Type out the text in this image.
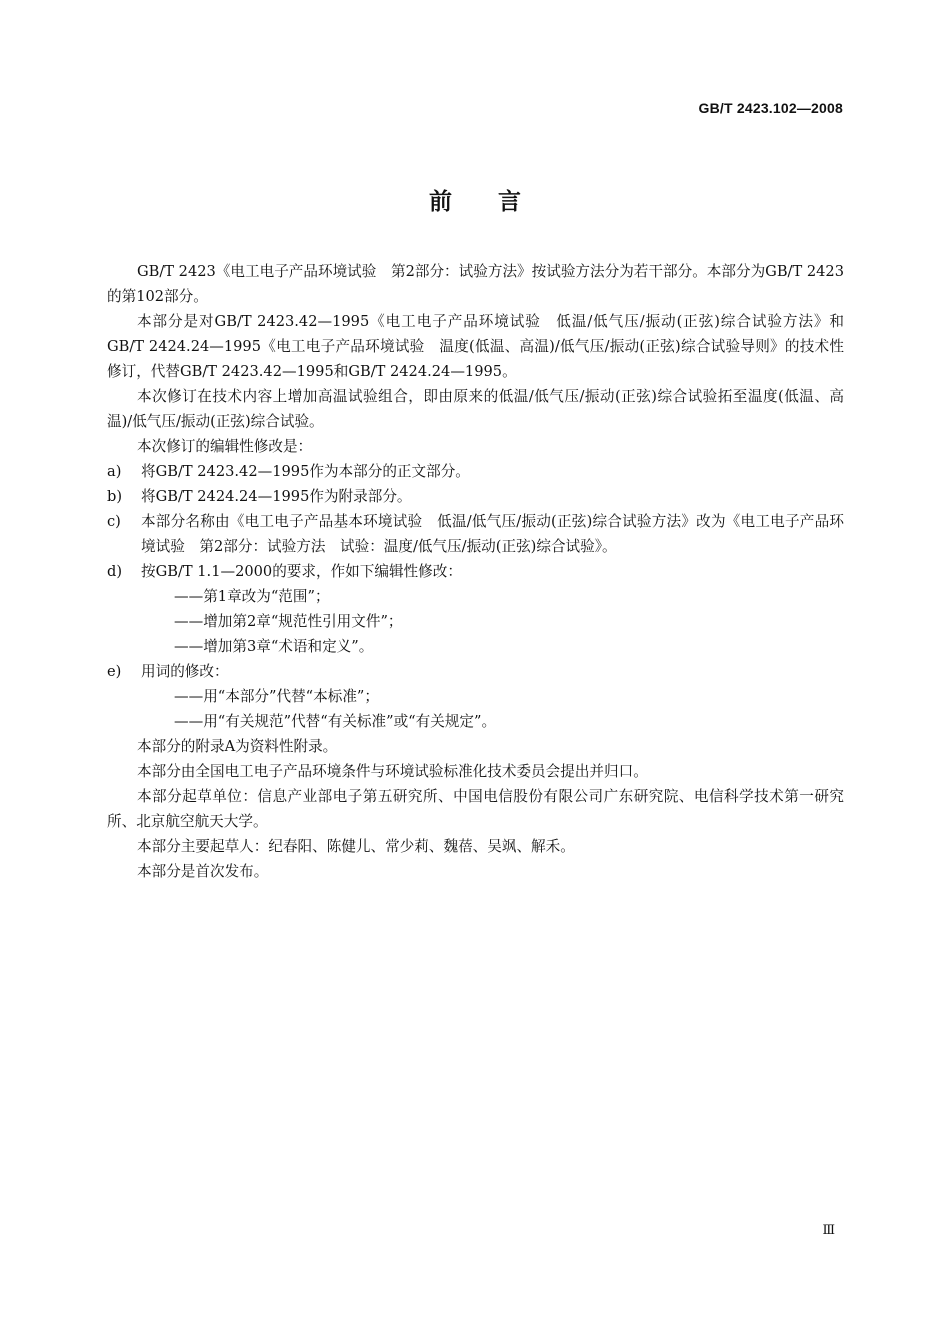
GB/T 2423.102—2008
前　　言

GB/T 2423《电工电子产品环境试验　第2部分：试验方法》按试验方法分为若干部分。本部分为GB/T 2423的第102部分。

本部分是对GB/T 2423.42—1995《电工电子产品环境试验　低温/低气压/振动(正弦)综合试验方法》和GB/T 2424.24—1995《电工电子产品环境试验　温度(低温、高温)/低气压/振动(正弦)综合试验导则》的技术性修订，代替GB/T 2423.42—1995和GB/T 2424.24—1995。

本次修订在技术内容上增加高温试验组合，即由原来的低温/低气压/振动(正弦)综合试验拓至温度(低温、高温)/低气压/振动(正弦)综合试验。

本次修订的编辑性修改是：

a)	将GB/T 2423.42—1995作为本部分的正文部分。
b)	将GB/T 2424.24—1995作为附录部分。
c)	本部分名称由《电工电子产品基本环境试验　低温/低气压/振动(正弦)综合试验方法》改为《电工电子产品环境试验　第2部分：试验方法　试验：温度/低气压/振动(正弦)综合试验》。
d)	按GB/T 1.1—2000的要求，作如下编辑性修改：

——第1章改为“范围”；

——增加第2章“规范性引用文件”；

——增加第3章“术语和定义”。

e)	用词的修改：

——用“本部分”代替“本标准”；

——用“有关规范”代替“有关标准”或“有关规定”。

本部分的附录A为资料性附录。

本部分由全国电工电子产品环境条件与环境试验标准化技术委员会提出并归口。

本部分起草单位：信息产业部电子第五研究所、中国电信股份有限公司广东研究院、电信科学技术第一研究所、北京航空航天大学。

本部分主要起草人：纪春阳、陈健儿、常少莉、魏蓓、吴飒、解禾。

本部分是首次发布。

Ⅲ
